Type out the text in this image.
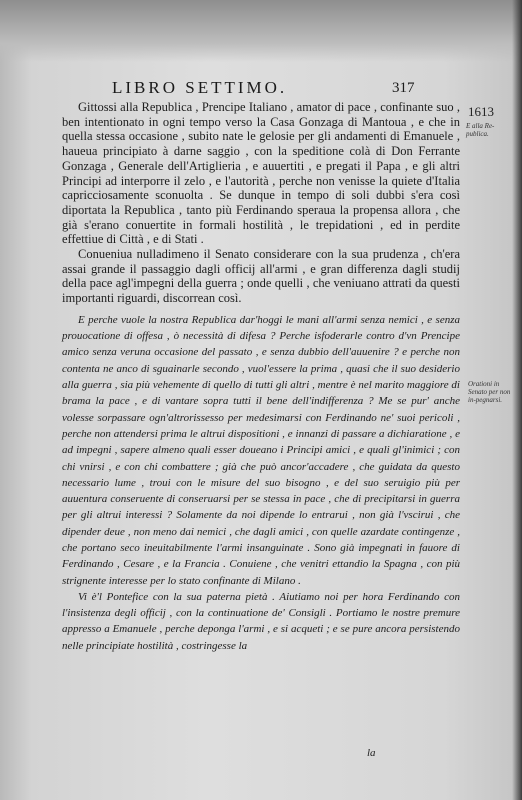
LIBRO SETTIMO.	317
1613
E alla Re-publica.
Orationi in Senato per non in-pegnarsi.

Gittossi alla Republica , Prencipe Italiano , amator di pace , confinante suo , ben intentionato in ogni tempo verso la Casa Gonzaga di Mantoua , e che in quella stessa occasione , subito nate le gelosie per gli andamenti di Emanuele , haueua principiato à darne saggio , con la speditione colà di Don Ferrante Gonzaga , Generale dell'Artiglieria , e auuertiti , e pregati il Papa , e gli altri Principi ad interporre il zelo , e l'autorità , perche non venisse la quiete d'Italia capricciosamente sconuolta . Se dunque in tempo di soli dubbi s'era così diportata la Republica , tanto più Ferdinando speraua la propensa allora , che già s'erano conuertite in formali hostilità , le trepidationi , ed in perdite effettiue di Città , e di Stati .

Conueniua nulladimeno il Senato considerare con la sua prudenza , ch'era assai grande il passaggio dagli officij all'armi , e gran differenza dagli studij della pace agl'impegni della guerra ; onde quelli , che veniuano attrati da questi importanti riguardi, discorrean così.

E perche vuole la nostra Republica dar'hoggi le mani all'armi senza nemici , e senza prouocatione di offesa , ò necessità di difesa ? Perche isfoderarle contro d'vn Prencipe amico senza veruna occasione del passato , e senza dubbio dell'auuenire ? e perche non contenta ne anco di sguainarle secondo , vuol'essere la prima , quasi che il suo desiderio alla guerra , sia più vehemente di quello di tutti gli altri , mentre è nel marito maggiore di brama la pace , e di vantare sopra tutti il bene dell'indifferenza ? Me se pur' anche volesse sorpassare ogn'altrorissesso per medesimarsi con Ferdinando ne' suoi pericoli , perche non attendersi prima le altrui dispositioni , e innanzi di passare a dichiaratione , e ad impegni , sapere almeno quali esser doueano i Principi amici , e quali gl'inimici ; con chi vnirsi , e con chi combattere ; già che può ancor'accadere , che guidata da questo necessario lume , troui con le misure del suo bisogno , e del suo seruigio più per auuentura conseruente di conseruarsi per se stessa in pace , che di precipitarsi in guerra per gli altrui interessi ? Solamente da noi dipende lo entrarui , non già l'vscirui , che dipender deue , non meno dai nemici , che dagli amici , con quelle azardate contingenze , che portano seco ineuitabilmente l'armi insanguinate . Sono già impegnati in fauore di Ferdinando , Cesare , e la Francia . Conuiene , che venitri ettandio la Spagna , con più strignente interesse per lo stato confinante di Milano .

Vi è'l Pontefice con la sua paterna pietà . Aiutiamo noi per hora Ferdinando con l'insistenza degli officij , con la continuatione de' Consigli . Portiamo le nostre premure appresso a Emanuele , perche deponga l'armi , e si acqueti ; e se pure ancora persistendo nelle principiate hostilità , costringesse la

la
